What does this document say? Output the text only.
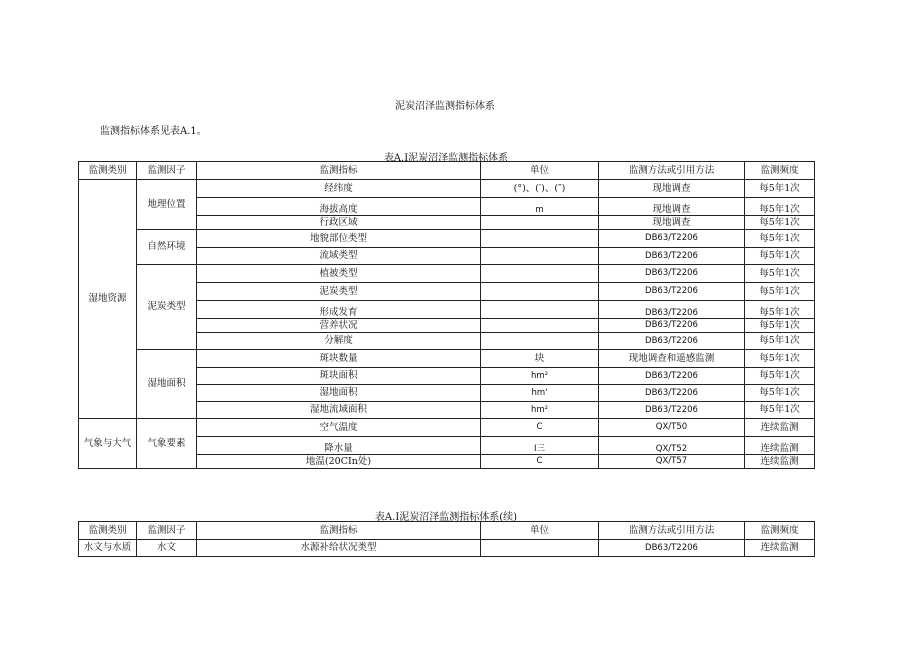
泥炭沼泽监测指标体系
监测指标体系见表A.1。
表A.I泥炭沼泽监测指标体系
监测类别	监测因子	监测指标	单位	监测方法或引用方法	监测频度
湿地资源	地理位置	经纬度	(°)、(′)、(″)	现地调查	每5年1次
		海拔高度	m	现地调查	每5年1次
		行政区域		现地调查	每5年1次
	自然环境	地貌部位类型		DB63/T2206	每5年1次
		流域类型		DB63/T2206	每5年1次
	泥炭类型	植被类型		DB63/T2206	每5年1次
		泥炭类型		DB63/T2206	每5年1次
		形成发育		DB63/T2206	每5年1次
		营养状况		DB63/T2206	每5年1次
		分解度		DB63/T2206	每5年1次
	湿地面积	斑块数量	块	现地调查和遥感监测	每5年1次
		斑块面积	hm²	DB63/T2206	每5年1次
		湿地面积	hm'	DB63/T2206	每5年1次
		湿地流域面积	hm²	DB63/T2206	每5年1次
气象与大气	气象要素	空气温度	C	QX/T50	连续监测
		降水量	I三	QX/T52	连续监测
		地温(20CIn处)	C	QX/T57	连续监测
表A.I泥炭沼泽监测指标体系(续)
监测类别	监测因子	监测指标	单位	监测方法或引用方法	监测频度
水文与水质	水文	水源补给状况类型		DB63/T2206	连续监测
